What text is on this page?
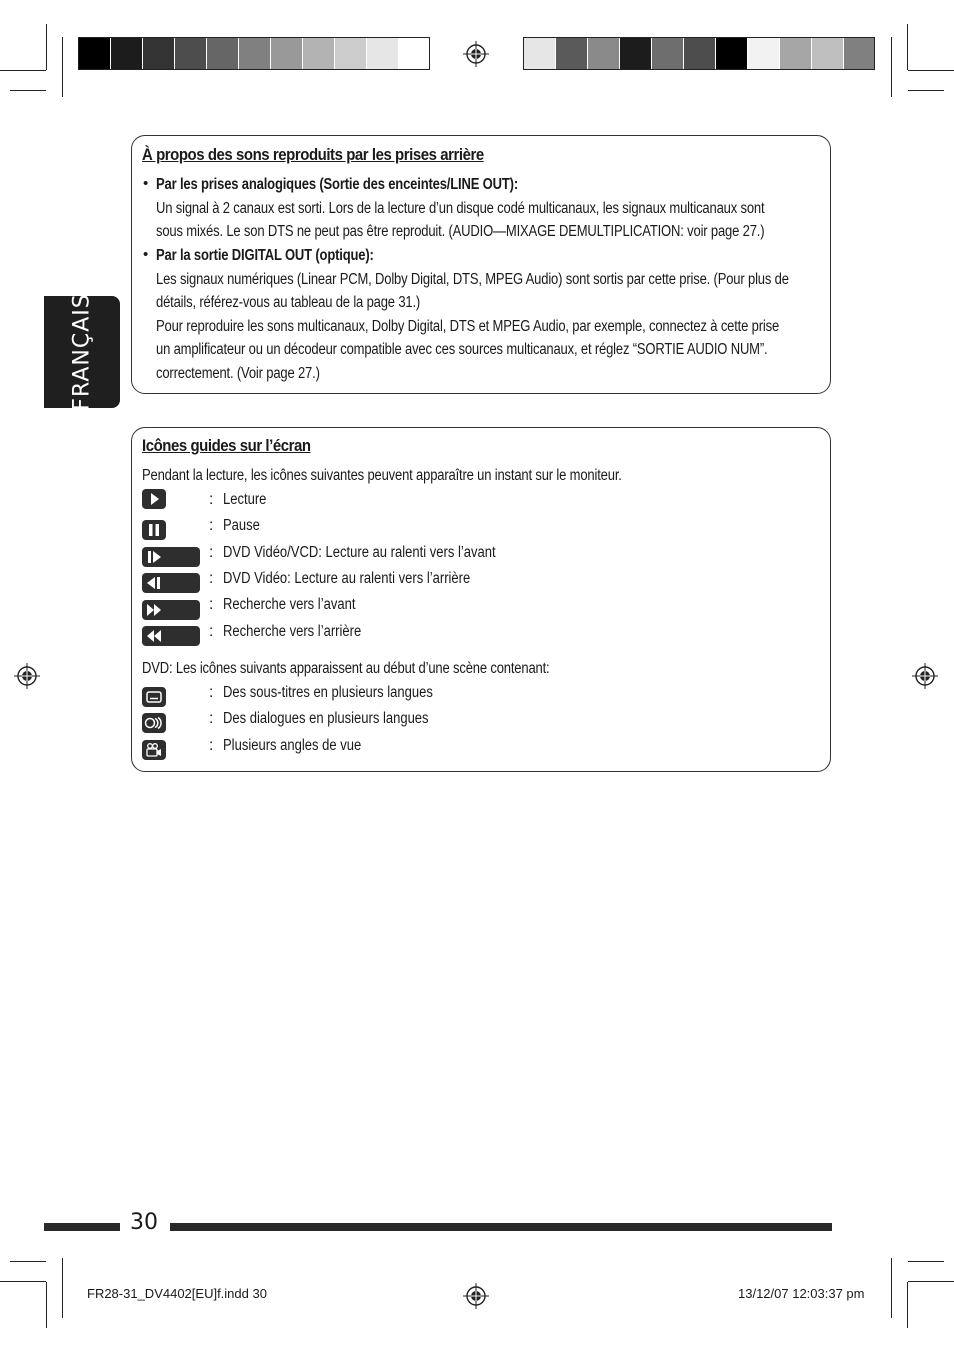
FRANÇAIS
À propos des sons reproduits par les prises arrière
• Par les prises analogiques (Sortie des enceintes/LINE OUT):
Un signal à 2 canaux est sorti. Lors de la lecture d’un disque codé multicanaux, les signaux multicanaux sont
sous mixés. Le son DTS ne peut pas être reproduit. (AUDIO—MIXAGE DEMULTIPLICATION: voir page 27.)
• Par la sortie DIGITAL OUT (optique):
Les signaux numériques (Linear PCM, Dolby Digital, DTS, MPEG Audio) sont sortis par cette prise. (Pour plus de
détails, référez-vous au tableau de la page 31.)
Pour reproduire les sons multicanaux, Dolby Digital, DTS et MPEG Audio, par exemple, connectez à cette prise
un amplificateur ou un décodeur compatible avec ces sources multicanaux, et réglez “SORTIE AUDIO NUM”.
correctement. (Voir page 27.)
Icônes guides sur l’écran
Pendant la lecture, les icônes suivantes peuvent apparaître un instant sur le moniteur.
: Lecture
: Pause
: DVD Vidéo/VCD: Lecture au ralenti vers l’avant
: DVD Vidéo: Lecture au ralenti vers l’arrière
: Recherche vers l’avant
: Recherche vers l’arrière
DVD: Les icônes suivants apparaissent au début d’une scène contenant:
: Des sous-titres en plusieurs langues
: Des dialogues en plusieurs langues
: Plusieurs angles de vue
30
FR28-31_DV4402[EU]f.indd 30	13/12/07 12:03:37 pm
